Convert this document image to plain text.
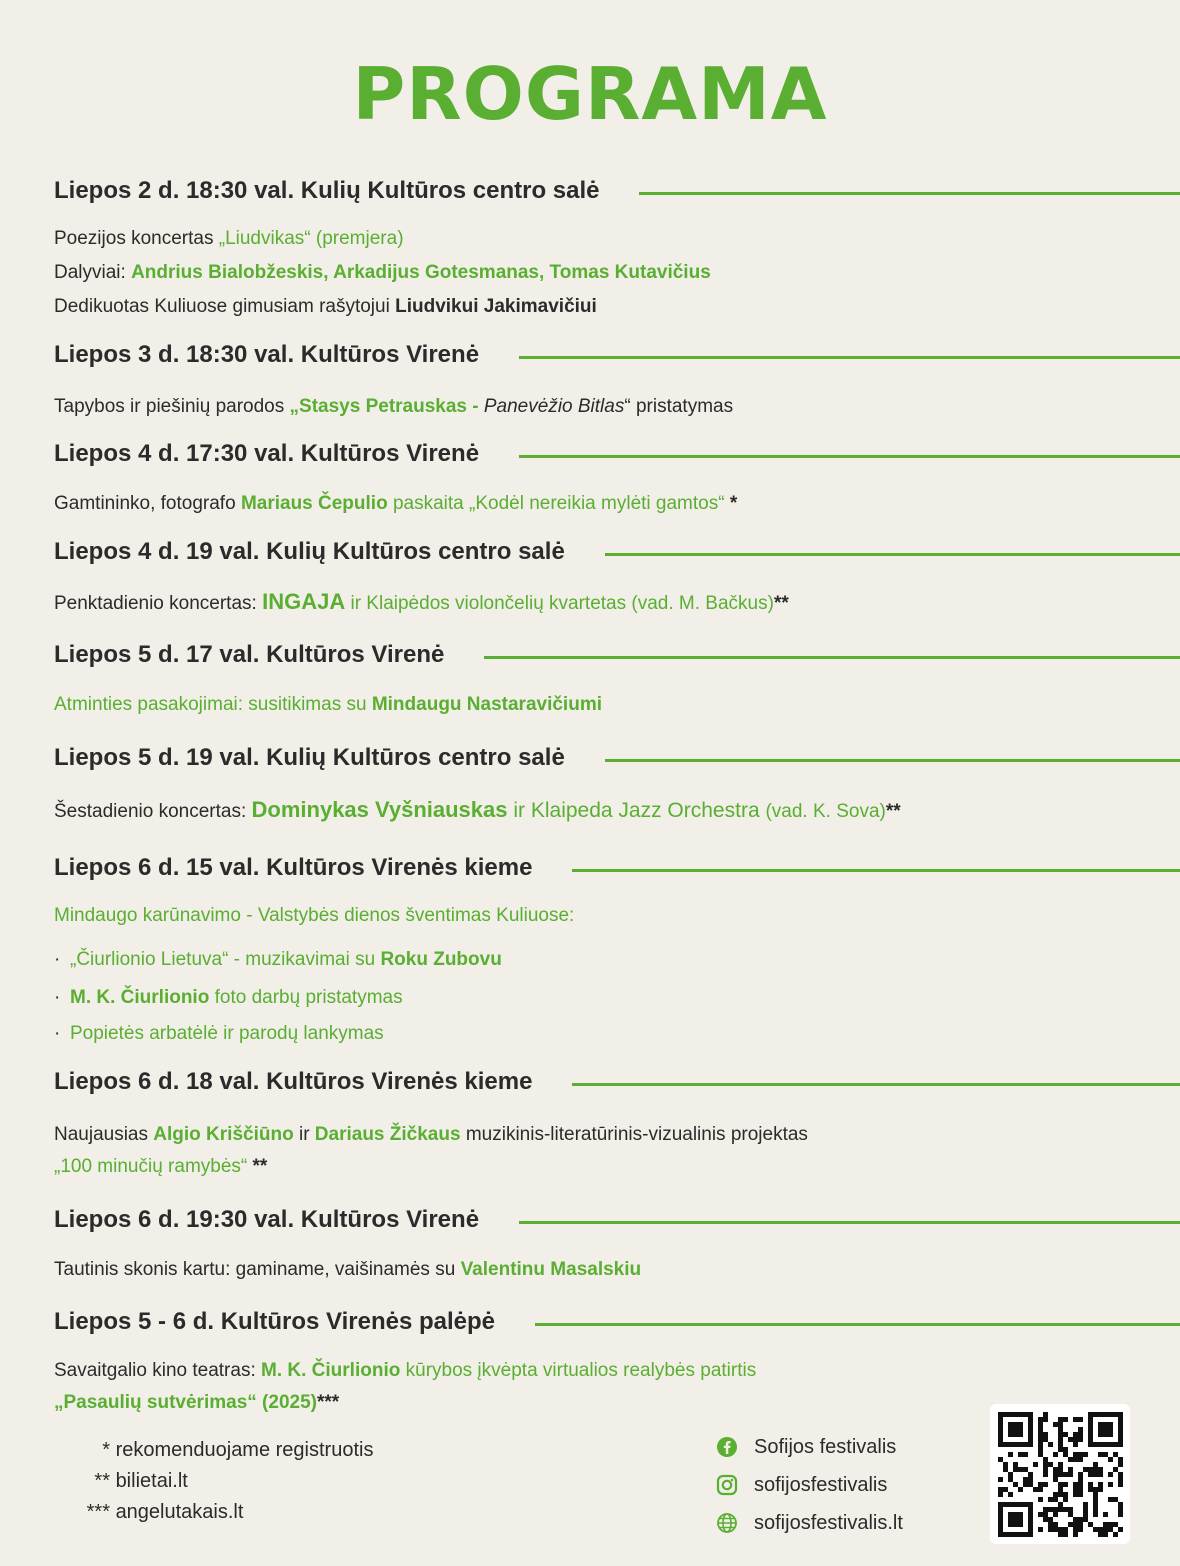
PROGRAMA
Liepos 2 d. 18:30 val. Kulių Kultūros centro salė
Poezijos koncertas „Liudvikas“ (premjera)
Dalyviai: Andrius Bialobžeskis, Arkadijus Gotesmanas, Tomas Kutavičius
Dedikuotas Kuliuose gimusiam rašytojui Liudvikui Jakimavičiui
Liepos 3 d. 18:30 val. Kultūros Virenė
Tapybos ir piešinių parodos „Stasys Petrauskas - Panevėžio Bitlas“ pristatymas
Liepos 4 d. 17:30 val. Kultūros Virenė
Gamtininko, fotografo Mariaus Čepulio paskaita „Kodėl nereikia mylėti gamtos“ *
Liepos 4 d. 19 val. Kulių Kultūros centro salė
Penktadienio koncertas: INGAJA ir Klaipėdos violončelių kvartetas (vad. M. Bačkus)**
Liepos 5 d. 17 val. Kultūros Virenė
Atminties pasakojimai: susitikimas su Mindaugu Nastaravičiumi
Liepos 5 d. 19 val. Kulių Kultūros centro salė
Šestadienio koncertas: Dominykas Vyšniauskas ir Klaipeda Jazz Orchestra (vad. K. Sova)**
Liepos 6 d. 15 val. Kultūros Virenės kieme
Mindaugo karūnavimo - Valstybės dienos šventimas Kuliuose:
· „Čiurlionio Lietuva“ - muzikavimai su Roku Zubovu
· M. K. Čiurlionio foto darbų pristatymas
· Popietės arbatėlė ir parodų lankymas
Liepos 6 d. 18 val. Kultūros Virenės kieme
Naujausias Algio Kriščiūno ir Dariaus Žičkaus muzikinis-literatūrinis-vizualinis projektas
„100 minučių ramybės“ **
Liepos 6 d. 19:30 val. Kultūros Virenė
Tautinis skonis kartu: gaminame, vaišinamės su Valentinu Masalskiu
Liepos 5 - 6 d. Kultūros Virenės palėpė
Savaitgalio kino teatras: M. K. Čiurlionio kūrybos įkvėpta virtualios realybės patirtis
„Pasaulių sutvėrimas“ (2025)***
* rekomenduojame registruotis
** bilietai.lt
*** angelutakais.lt
Sofijos festivalis
sofijosfestivalis
sofijosfestivalis.lt
